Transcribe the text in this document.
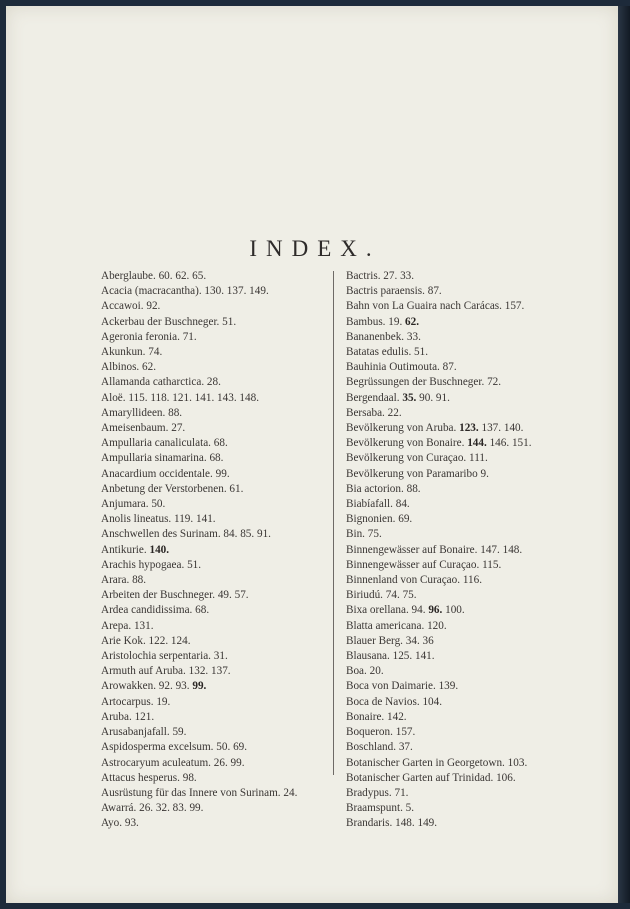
INDEX.
Aberglaube. 60. 62. 65.
Acacia (macracantha). 130. 137. 149.
Accawoi. 92.
Ackerbau der Buschneger. 51.
Ageronia feronia. 71.
Akunkun. 74.
Albinos. 62.
Allamanda catharctica. 28.
Aloë. 115. 118. 121. 141. 143. 148.
Amaryllideen. 88.
Ameisenbaum. 27.
Ampullaria canaliculata. 68.
Ampullaria sinamarina. 68.
Anacardium occidentale. 99.
Anbetung der Verstorbenen. 61.
Anjumara. 50.
Anolis lineatus. 119. 141.
Anschwellen des Surinam. 84. 85. 91.
Antikurie. 140.
Arachis hypogaea. 51.
Arara. 88.
Arbeiten der Buschneger. 49. 57.
Ardea candidissima. 68.
Arepa. 131.
Arie Kok. 122. 124.
Aristolochia serpentaria. 31.
Armuth auf Aruba. 132. 137.
Arowakken. 92. 93. 99.
Artocarpus. 19.
Aruba. 121.
Arusabanjafall. 59.
Aspidosperma excelsum. 50. 69.
Astrocaryum aculeatum. 26. 99.
Attacus hesperus. 98.
Ausrüstung für das Innere von Surinam. 24.
Awarrá. 26. 32. 83. 99.
Ayo. 93.
Bactris. 27. 33.
Bactris paraensis. 87.
Bahn von La Guaira nach Carácas. 157.
Bambus. 19. 62.
Bananenbek. 33.
Batatas edulis. 51.
Bauhinia Outimouta. 87.
Begrüssungen der Buschneger. 72.
Bergendaal. 35. 90. 91.
Bersaba. 22.
Bevölkerung von Aruba. 123. 137. 140.
Bevölkerung von Bonaire. 144. 146. 151.
Bevölkerung von Curaçao. 111.
Bevölkerung von Paramaribo 9.
Bia actorion. 88.
Biabíafall. 84.
Bignonien. 69.
Bin. 75.
Binnengewässer auf Bonaire. 147. 148.
Binnengewässer auf Curaçao. 115.
Binnenland von Curaçao. 116.
Biriudú. 74. 75.
Bixa orellana. 94. 96. 100.
Blatta americana. 120.
Blauer Berg. 34. 36
Blausana. 125. 141.
Boa. 20.
Boca von Daimarie. 139.
Boca de Navios. 104.
Bonaire. 142.
Boqueron. 157.
Boschland. 37.
Botanischer Garten in Georgetown. 103.
Botanischer Garten auf Trinidad. 106.
Bradypus. 71.
Braamspunt. 5.
Brandaris. 148. 149.
